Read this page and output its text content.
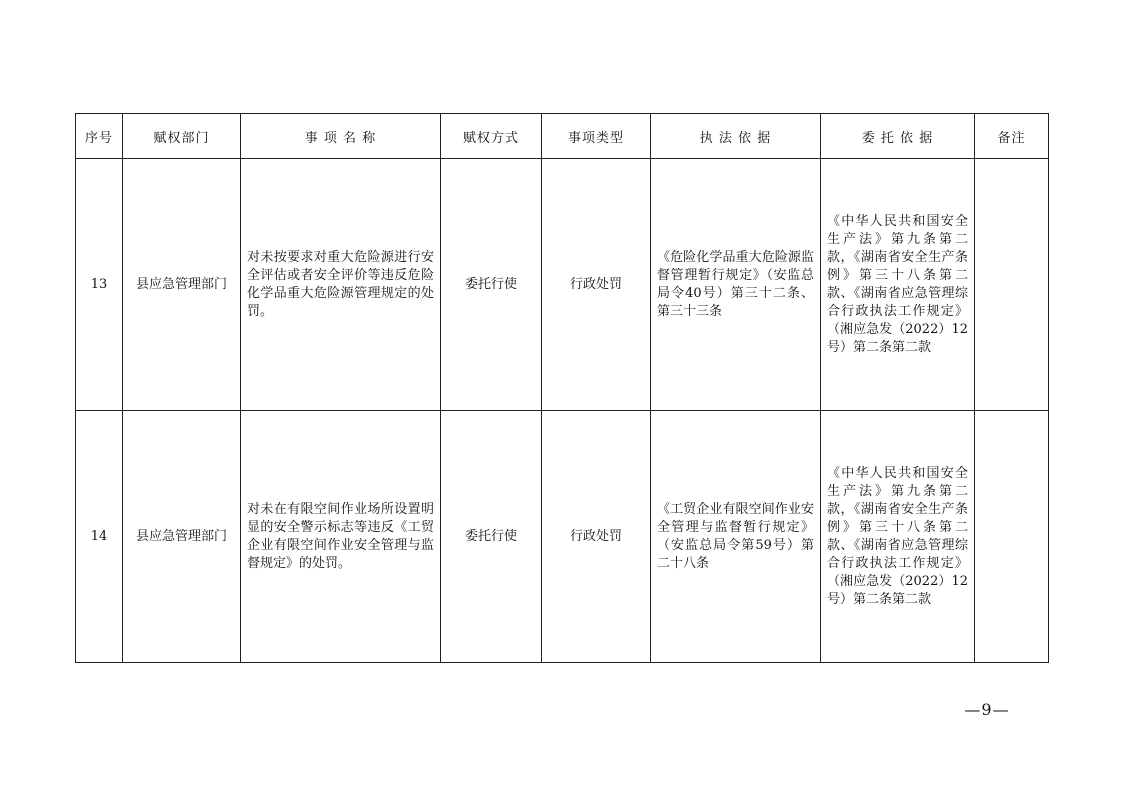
序号	赋权部门	事 项 名 称	赋权方式	事项类型	执 法 依 据	委 托 依 据	备注
13	县应急管理部门	对未按要求对重大危险源进行安全评估或者安全评价等违反危险化学品重大危险源管理规定的处罚。	委托行使	行政处罚	《危险化学品重大危险源监督管理暂行规定》（安监总局令40号）第三十二条、第三十三条	《中华人民共和国安全生产法》第九条第二款，《湖南省安全生产条例》第三十八条第二款、《湖南省应急管理综合行政执法工作规定》（湘应急发（2022）12号）第二条第二款	
14	县应急管理部门	对未在有限空间作业场所设置明显的安全警示标志等违反《工贸企业有限空间作业安全管理与监督规定》的处罚。	委托行使	行政处罚	《工贸企业有限空间作业安全管理与监督暂行规定》（安监总局令第59号）第二十八条	《中华人民共和国安全生产法》第九条第二款，《湖南省安全生产条例》第三十八条第二款、《湖南省应急管理综合行政执法工作规定》（湘应急发（2022）12号）第二条第二款	
—9—
